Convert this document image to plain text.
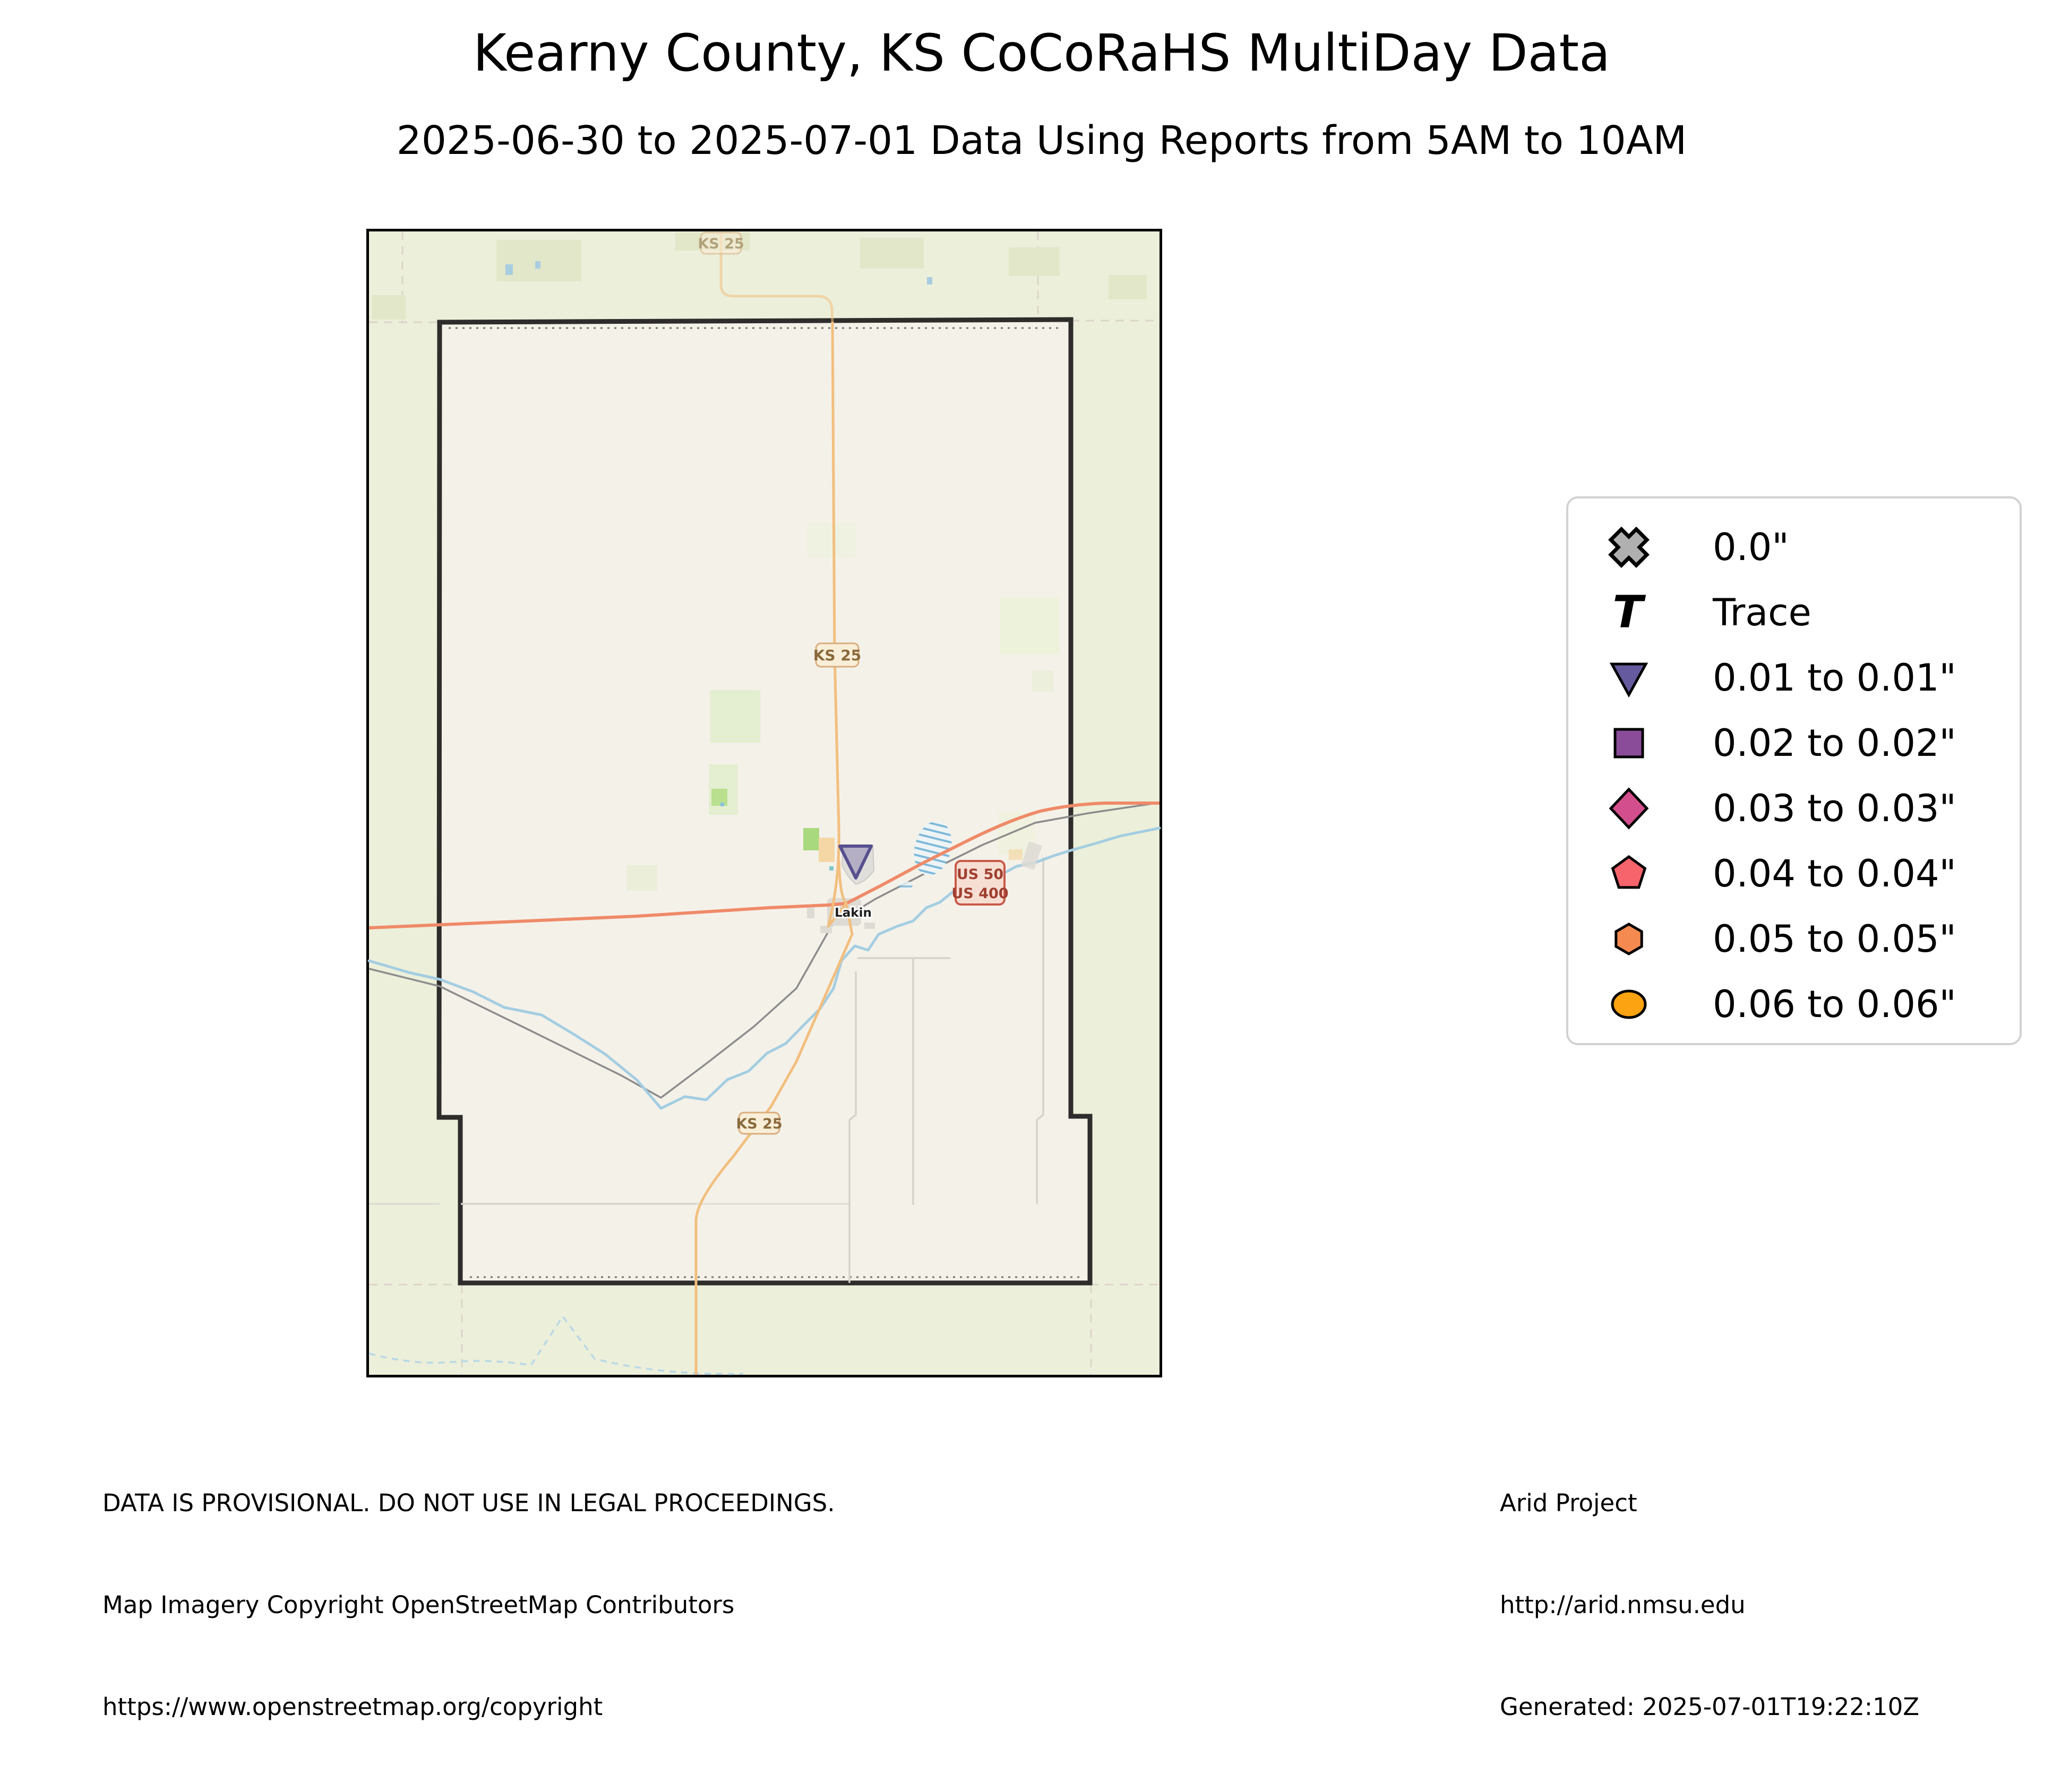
Kearny County, KS CoCoRaHS MultiDay Data
2025-06-30 to 2025-07-01 Data Using Reports from 5AM to 10AM
KS 25
KS 25
KS 25
US 50
US 400
Lakin
0.0"
T Trace
0.01 to 0.01"
0.02 to 0.02"
0.03 to 0.03"
0.04 to 0.04"
0.05 to 0.05"
0.06 to 0.06"

DATA IS PROVISIONAL. DO NOT USE IN LEGAL PROCEEDINGS.

Map Imagery Copyright OpenStreetMap Contributors

https://www.openstreetmap.org/copyright

Arid Project

http://arid.nmsu.edu

Generated: 2025-07-01T19:22:10Z
